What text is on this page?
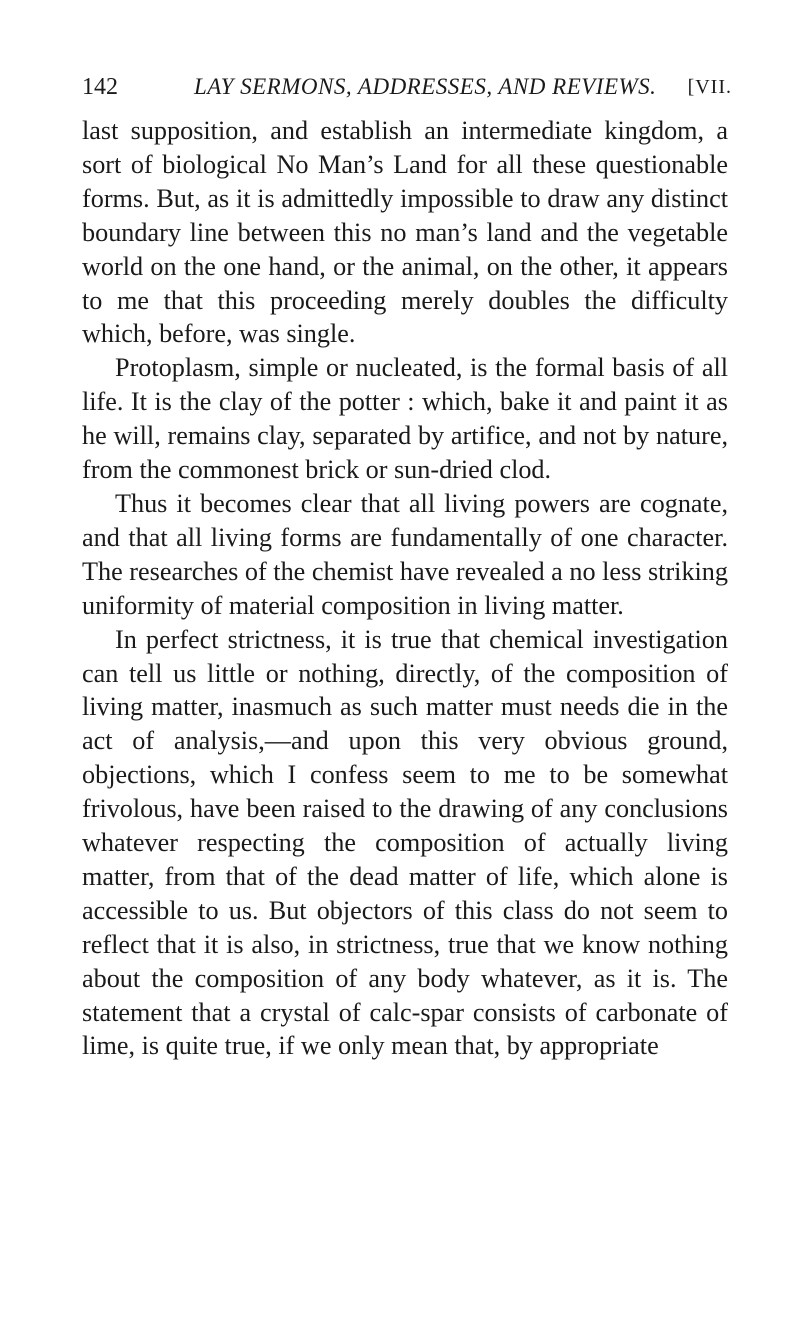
142	LAY SERMONS, ADDRESSES, AND REVIEWS. [VII.

last supposition, and establish an intermediate kingdom, a sort of biological No Man’s Land for all these questionable forms. But, as it is admittedly impossible to draw any distinct boundary line between this no man’s land and the vegetable world on the one hand, or the animal, on the other, it appears to me that this proceeding merely doubles the difficulty which, before, was single.

Protoplasm, simple or nucleated, is the formal basis of all life. It is the clay of the potter : which, bake it and paint it as he will, remains clay, separated by artifice, and not by nature, from the commonest brick or sun-dried clod.

Thus it becomes clear that all living powers are cognate, and that all living forms are fundamentally of one character. The researches of the chemist have revealed a no less striking uniformity of material composition in living matter.

In perfect strictness, it is true that chemical investigation can tell us little or nothing, directly, of the composition of living matter, inasmuch as such matter must needs die in the act of analysis,—and upon this very obvious ground, objections, which I confess seem to me to be somewhat frivolous, have been raised to the drawing of any conclusions whatever respecting the composition of actually living matter, from that of the dead matter of life, which alone is accessible to us. But objectors of this class do not seem to reflect that it is also, in strictness, true that we know nothing about the composition of any body whatever, as it is. The statement that a crystal of calc-spar consists of carbonate of lime, is quite true, if we only mean that, by appropriate
